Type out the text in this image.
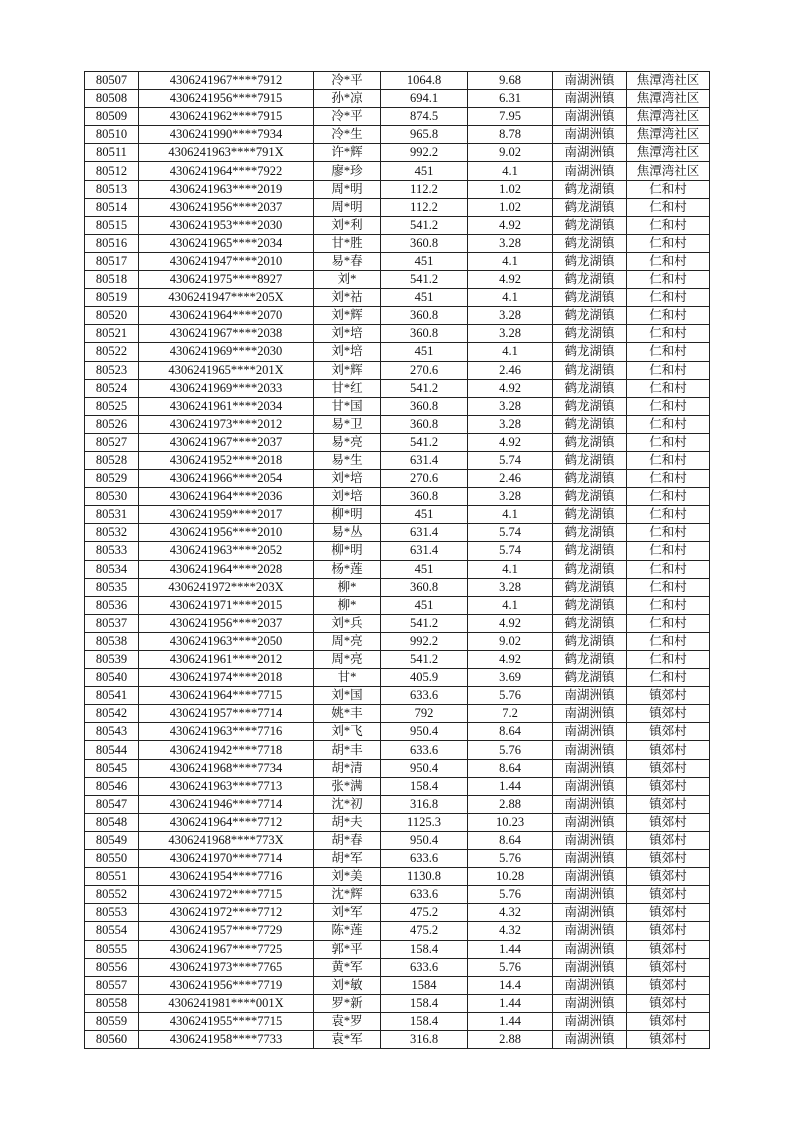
80507	4306241967****7912	冷*平	1064.8	9.68	南湖洲镇	焦潭湾社区
80508	4306241956****7915	孙*凉	694.1	6.31	南湖洲镇	焦潭湾社区
80509	4306241962****7915	冷*平	874.5	7.95	南湖洲镇	焦潭湾社区
80510	4306241990****7934	冷*生	965.8	8.78	南湖洲镇	焦潭湾社区
80511	4306241963****791X	许*辉	992.2	9.02	南湖洲镇	焦潭湾社区
80512	4306241964****7922	廖*珍	451	4.1	南湖洲镇	焦潭湾社区
80513	4306241963****2019	周*明	112.2	1.02	鹤龙湖镇	仁和村
80514	4306241956****2037	周*明	112.2	1.02	鹤龙湖镇	仁和村
80515	4306241953****2030	刘*利	541.2	4.92	鹤龙湖镇	仁和村
80516	4306241965****2034	甘*胜	360.8	3.28	鹤龙湖镇	仁和村
80517	4306241947****2010	易*春	451	4.1	鹤龙湖镇	仁和村
80518	4306241975****8927	刘*	541.2	4.92	鹤龙湖镇	仁和村
80519	4306241947****205X	刘*祜	451	4.1	鹤龙湖镇	仁和村
80520	4306241964****2070	刘*辉	360.8	3.28	鹤龙湖镇	仁和村
80521	4306241967****2038	刘*培	360.8	3.28	鹤龙湖镇	仁和村
80522	4306241969****2030	刘*培	451	4.1	鹤龙湖镇	仁和村
80523	4306241965****201X	刘*辉	270.6	2.46	鹤龙湖镇	仁和村
80524	4306241969****2033	甘*红	541.2	4.92	鹤龙湖镇	仁和村
80525	4306241961****2034	甘*国	360.8	3.28	鹤龙湖镇	仁和村
80526	4306241973****2012	易*卫	360.8	3.28	鹤龙湖镇	仁和村
80527	4306241967****2037	易*亮	541.2	4.92	鹤龙湖镇	仁和村
80528	4306241952****2018	易*生	631.4	5.74	鹤龙湖镇	仁和村
80529	4306241966****2054	刘*培	270.6	2.46	鹤龙湖镇	仁和村
80530	4306241964****2036	刘*培	360.8	3.28	鹤龙湖镇	仁和村
80531	4306241959****2017	柳*明	451	4.1	鹤龙湖镇	仁和村
80532	4306241956****2010	易*丛	631.4	5.74	鹤龙湖镇	仁和村
80533	4306241963****2052	柳*明	631.4	5.74	鹤龙湖镇	仁和村
80534	4306241964****2028	杨*莲	451	4.1	鹤龙湖镇	仁和村
80535	4306241972****203X	柳*	360.8	3.28	鹤龙湖镇	仁和村
80536	4306241971****2015	柳*	451	4.1	鹤龙湖镇	仁和村
80537	4306241956****2037	刘*兵	541.2	4.92	鹤龙湖镇	仁和村
80538	4306241963****2050	周*亮	992.2	9.02	鹤龙湖镇	仁和村
80539	4306241961****2012	周*亮	541.2	4.92	鹤龙湖镇	仁和村
80540	4306241974****2018	甘*	405.9	3.69	鹤龙湖镇	仁和村
80541	4306241964****7715	刘*国	633.6	5.76	南湖洲镇	镇郊村
80542	4306241957****7714	姚*丰	792	7.2	南湖洲镇	镇郊村
80543	4306241963****7716	刘*飞	950.4	8.64	南湖洲镇	镇郊村
80544	4306241942****7718	胡*丰	633.6	5.76	南湖洲镇	镇郊村
80545	4306241968****7734	胡*清	950.4	8.64	南湖洲镇	镇郊村
80546	4306241963****7713	张*满	158.4	1.44	南湖洲镇	镇郊村
80547	4306241946****7714	沈*初	316.8	2.88	南湖洲镇	镇郊村
80548	4306241964****7712	胡*夫	1125.3	10.23	南湖洲镇	镇郊村
80549	4306241968****773X	胡*春	950.4	8.64	南湖洲镇	镇郊村
80550	4306241970****7714	胡*军	633.6	5.76	南湖洲镇	镇郊村
80551	4306241954****7716	刘*美	1130.8	10.28	南湖洲镇	镇郊村
80552	4306241972****7715	沈*辉	633.6	5.76	南湖洲镇	镇郊村
80553	4306241972****7712	刘*军	475.2	4.32	南湖洲镇	镇郊村
80554	4306241957****7729	陈*莲	475.2	4.32	南湖洲镇	镇郊村
80555	4306241967****7725	郭*平	158.4	1.44	南湖洲镇	镇郊村
80556	4306241973****7765	黄*军	633.6	5.76	南湖洲镇	镇郊村
80557	4306241956****7719	刘*敏	1584	14.4	南湖洲镇	镇郊村
80558	4306241981****001X	罗*新	158.4	1.44	南湖洲镇	镇郊村
80559	4306241955****7715	袁*罗	158.4	1.44	南湖洲镇	镇郊村
80560	4306241958****7733	袁*军	316.8	2.88	南湖洲镇	镇郊村
